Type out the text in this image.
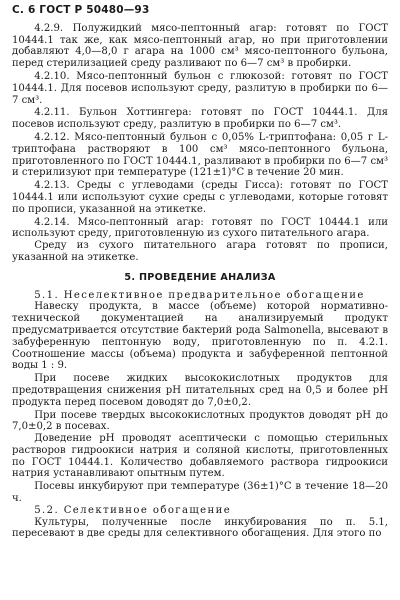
С. 6 ГОСТ Р 50480—93

4.2.9. Полужидкий мясо-пептонный агар: готовят по ГОСТ 10444.1 так же, как мясо-пептонный агар, но при приготовлении добавляют 4,0—8,0 г агара на 1000 см³ мясо-пептонного бульона, перед стерилизацией среду разливают по 6—7 см³ в пробирки.

4.2.10. Мясо-пептонный бульон с глюкозой: готовят по ГОСТ 10444.1. Для посевов используют среду, разлитую в пробирки по 6—7 см³.

4.2.11. Бульон Хоттингера: готовят по ГОСТ 10444.1. Для посевов используют среду, разлитую в пробирки по 6—7 см³.

4.2.12. Мясо-пептонный бульон с 0,05% L-триптофана: 0,05 г L-триптофана растворяют в 100 см³ мясо-пептонного бульона, приготовленного по ГОСТ 10444.1, разливают в пробирки по 6—7 см³ и стерилизуют при температуре (121±1)°С в течение 20 мин.

4.2.13. Среды с углеводами (среды Гисса): готовят по ГОСТ 10444.1 или используют сухие среды с углеводами, которые готовят по прописи, указанной на этикетке.

4.2.14. Мясо-пептонный агар: готовят по ГОСТ 10444.1 или используют среду, приготовленную из сухого питательного агара.

Среду из сухого питательного агара готовят по прописи, указанной на этикетке.

5. ПРОВЕДЕНИЕ АНАЛИЗА

5.1. Неселективное предварительное обогащение

Навеску продукта, в массе (объеме) которой нормативно-технической документацией на анализируемый продукт предусматривается отсутствие бактерий рода Salmonella, высевают в забуференную пептонную воду, приготовленную по п. 4.2.1. Соотношение массы (объема) продукта и забуференной пептонной воды 1 : 9.

При посеве жидких высококислотных продуктов для предотвращения снижения рН питательных сред на 0,5 и более рН продукта перед посевом доводят до 7,0±0,2.

При посеве твердых высококислотных продуктов доводят рН до 7,0±0,2 в посевах.

Доведение рН проводят асептически с помощью стерильных растворов гидроокиси натрия и соляной кислоты, приготовленных по ГОСТ 10444.1. Количество добавляемого раствора гидроокиси натрия устанавливают опытным путем.

Посевы инкубируют при температуре (36±1)°С в течение 18—20 ч.

5.2. Селективное обогащение

Культуры, полученные после инкубирования по п. 5.1, пересевают в две среды для селективного обогащения. Для этого по
